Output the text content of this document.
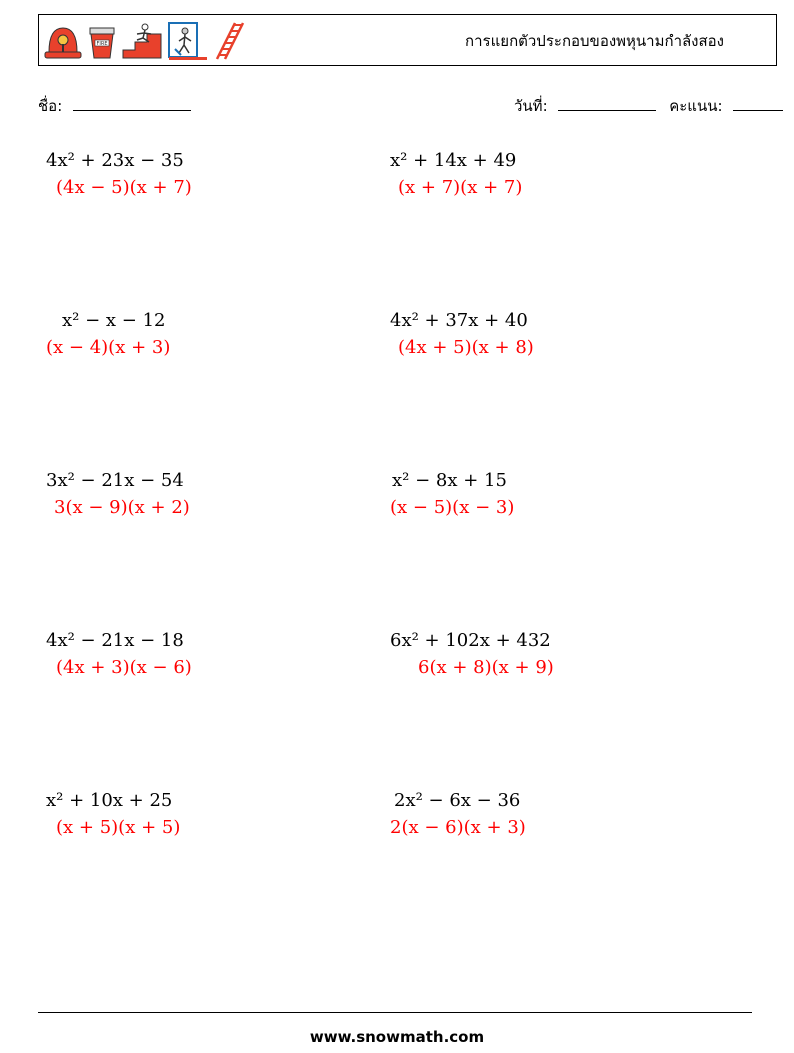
FIRE	การแยกตัวประกอบของพหุนามกำลังสอง
ชื่อ:	วันที่:	คะแนน:
4x² + 23x − 35
(4x − 5)(x + 7)
x² + 14x + 49
(x + 7)(x + 7)
x² − x − 12
(x − 4)(x + 3)
4x² + 37x + 40
(4x + 5)(x + 8)
3x² − 21x − 54
3(x − 9)(x + 2)
x² − 8x + 15
(x − 5)(x − 3)
4x² − 21x − 18
(4x + 3)(x − 6)
6x² + 102x + 432
6(x + 8)(x + 9)
x² + 10x + 25
(x + 5)(x + 5)
2x² − 6x − 36
2(x − 6)(x + 3)
www.snowmath.com
